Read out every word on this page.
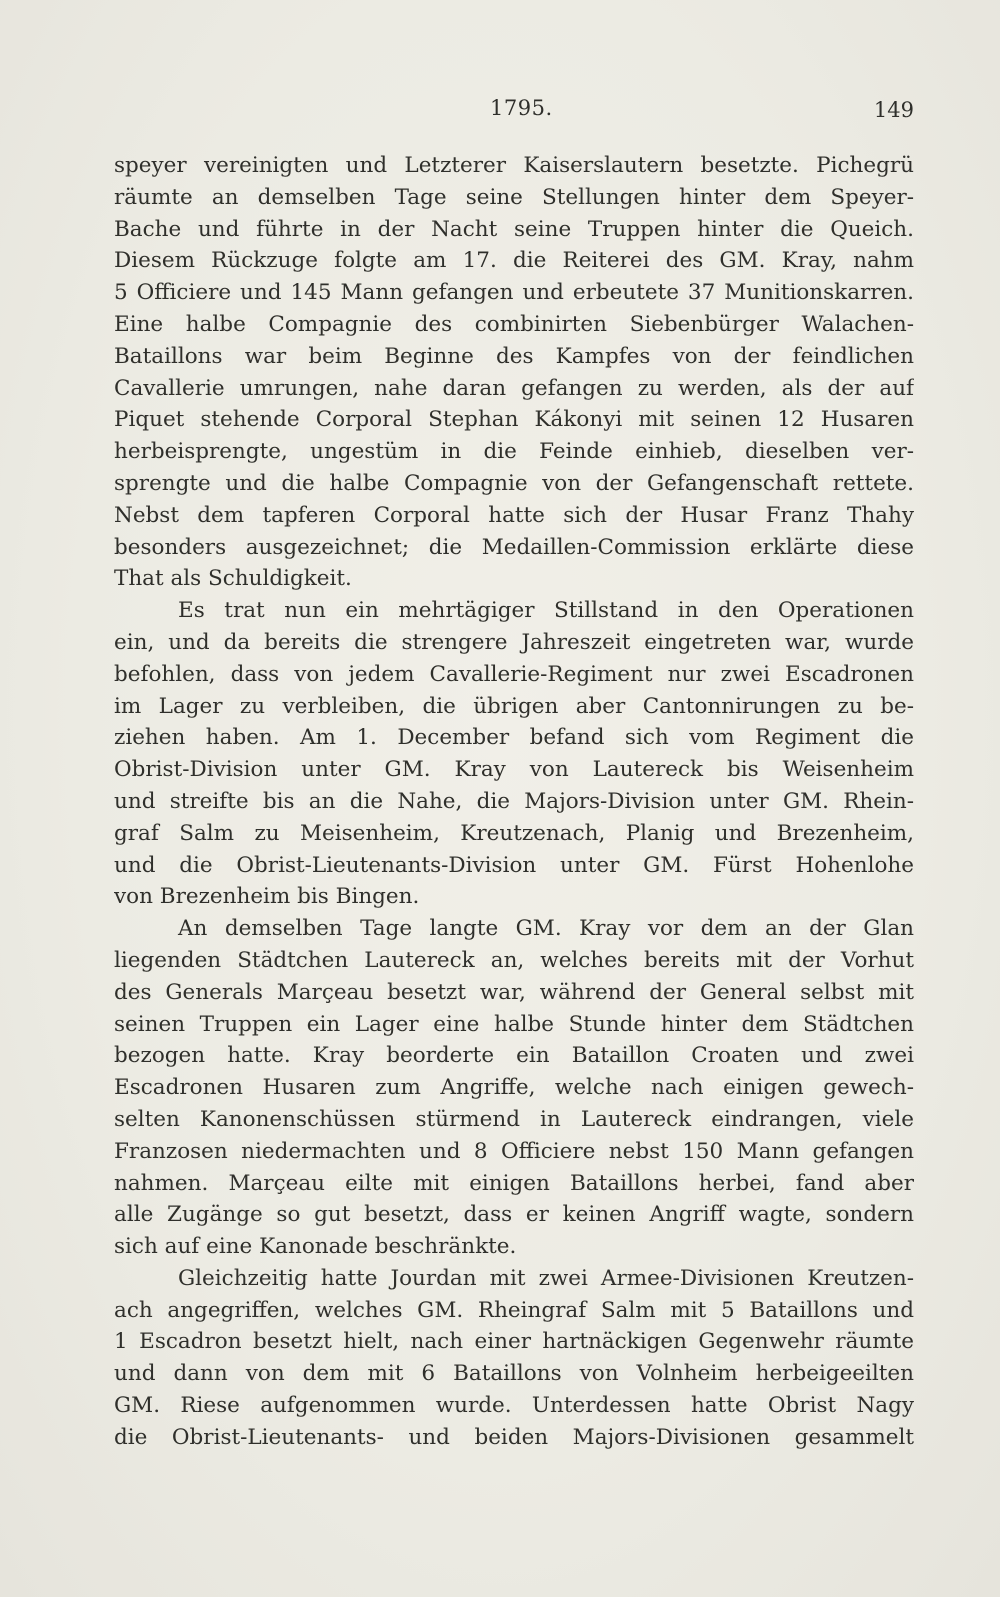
1795.	149
speyer vereinigten und Letzterer Kaiserslautern besetzte. Pichegrü
räumte an demselben Tage seine Stellungen hinter dem Speyer-
Bache und führte in der Nacht seine Truppen hinter die Queich.
Diesem Rückzuge folgte am 17. die Reiterei des GM. Kray, nahm
5 Officiere und 145 Mann gefangen und erbeutete 37 Munitionskarren.
Eine halbe Compagnie des combinirten Siebenbürger Walachen-
Bataillons war beim Beginne des Kampfes von der feindlichen
Cavallerie umrungen, nahe daran gefangen zu werden, als der auf
Piquet stehende Corporal Stephan Kákonyi mit seinen 12 Husaren
herbeisprengte, ungestüm in die Feinde einhieb, dieselben ver-
sprengte und die halbe Compagnie von der Gefangenschaft rettete.
Nebst dem tapferen Corporal hatte sich der Husar Franz Thahy
besonders ausgezeichnet; die Medaillen-Commission erklärte diese
That als Schuldigkeit.
Es trat nun ein mehrtägiger Stillstand in den Operationen
ein, und da bereits die strengere Jahreszeit eingetreten war, wurde
befohlen, dass von jedem Cavallerie-Regiment nur zwei Escadronen
im Lager zu verbleiben, die übrigen aber Cantonnirungen zu be-
ziehen haben. Am 1. December befand sich vom Regiment die
Obrist-Division unter GM. Kray von Lautereck bis Weisenheim
und streifte bis an die Nahe, die Majors-Division unter GM. Rhein-
graf Salm zu Meisenheim, Kreutzenach, Planig und Brezenheim,
und die Obrist-Lieutenants-Division unter GM. Fürst Hohenlohe
von Brezenheim bis Bingen.
An demselben Tage langte GM. Kray vor dem an der Glan
liegenden Städtchen Lautereck an, welches bereits mit der Vorhut
des Generals Marçeau besetzt war, während der General selbst mit
seinen Truppen ein Lager eine halbe Stunde hinter dem Städtchen
bezogen hatte. Kray beorderte ein Bataillon Croaten und zwei
Escadronen Husaren zum Angriffe, welche nach einigen gewech-
selten Kanonenschüssen stürmend in Lautereck eindrangen, viele
Franzosen niedermachten und 8 Officiere nebst 150 Mann gefangen
nahmen. Marçeau eilte mit einigen Bataillons herbei, fand aber
alle Zugänge so gut besetzt, dass er keinen Angriff wagte, sondern
sich auf eine Kanonade beschränkte.
Gleichzeitig hatte Jourdan mit zwei Armee-Divisionen Kreutzen-
ach angegriffen, welches GM. Rheingraf Salm mit 5 Bataillons und
1 Escadron besetzt hielt, nach einer hartnäckigen Gegenwehr räumte
und dann von dem mit 6 Bataillons von Volnheim herbeigeeilten
GM. Riese aufgenommen wurde. Unterdessen hatte Obrist Nagy
die Obrist-Lieutenants- und beiden Majors-Divisionen gesammelt
